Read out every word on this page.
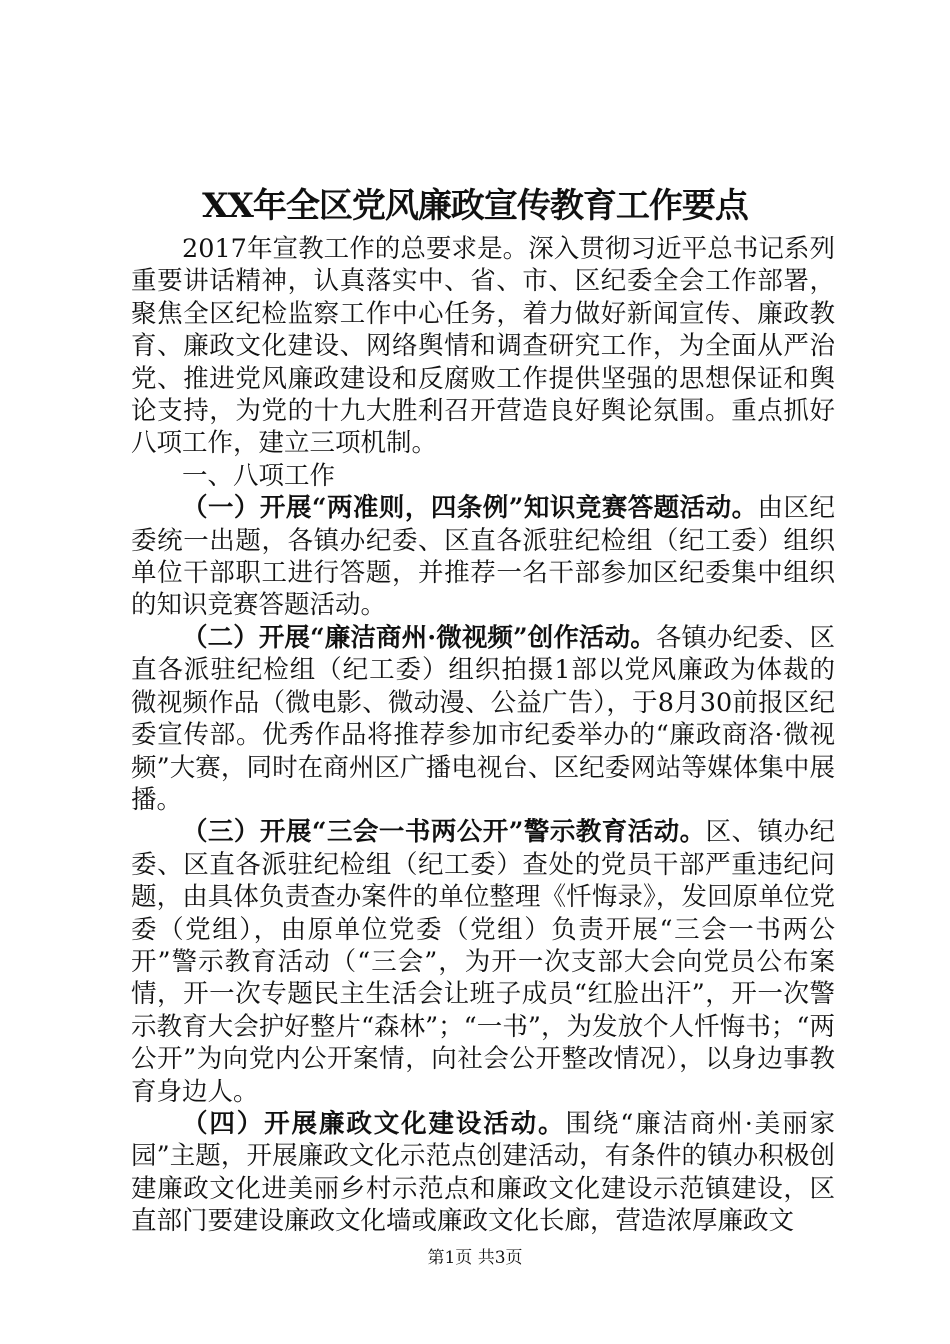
XX年全区党风廉政宣传教育工作要点

2017年宣教工作的总要求是。深入贯彻习近平总书记系列重要讲话精神，认真落实中、省、市、区纪委全会工作部署，聚焦全区纪检监察工作中心任务，着力做好新闻宣传、廉政教育、廉政文化建设、网络舆情和调查研究工作，为全面从严治党、推进党风廉政建设和反腐败工作提供坚强的思想保证和舆论支持，为党的十九大胜利召开营造良好舆论氛围。重点抓好八项工作，建立三项机制。

一、八项工作

（一）开展“两准则，四条例”知识竞赛答题活动。由区纪委统一出题，各镇办纪委、区直各派驻纪检组（纪工委）组织单位干部职工进行答题，并推荐一名干部参加区纪委集中组织的知识竞赛答题活动。

（二）开展“廉洁商州·微视频”创作活动。各镇办纪委、区直各派驻纪检组（纪工委）组织拍摄1部以党风廉政为体裁的微视频作品（微电影、微动漫、公益广告），于8月30前报区纪委宣传部。优秀作品将推荐参加市纪委举办的“廉政商洛·微视频”大赛，同时在商州区广播电视台、区纪委网站等媒体集中展播。

（三）开展“三会一书两公开”警示教育活动。区、镇办纪委、区直各派驻纪检组（纪工委）查处的党员干部严重违纪问题，由具体负责查办案件的单位整理《忏悔录》，发回原单位党委（党组），由原单位党委（党组）负责开展“三会一书两公开”警示教育活动（“三会”，为开一次支部大会向党员公布案情，开一次专题民主生活会让班子成员“红脸出汗”，开一次警示教育大会护好整片“森林”；“一书”，为发放个人忏悔书；“两公开”为向党内公开案情，向社会公开整改情况），以身边事教育身边人。

（四）开展廉政文化建设活动。围绕“廉洁商州·美丽家园”主题，开展廉政文化示范点创建活动，有条件的镇办积极创建廉政文化进美丽乡村示范点和廉政文化建设示范镇建设，区直部门要建设廉政文化墙或廉政文化长廊，营造浓厚廉政文

第1页 共3页
